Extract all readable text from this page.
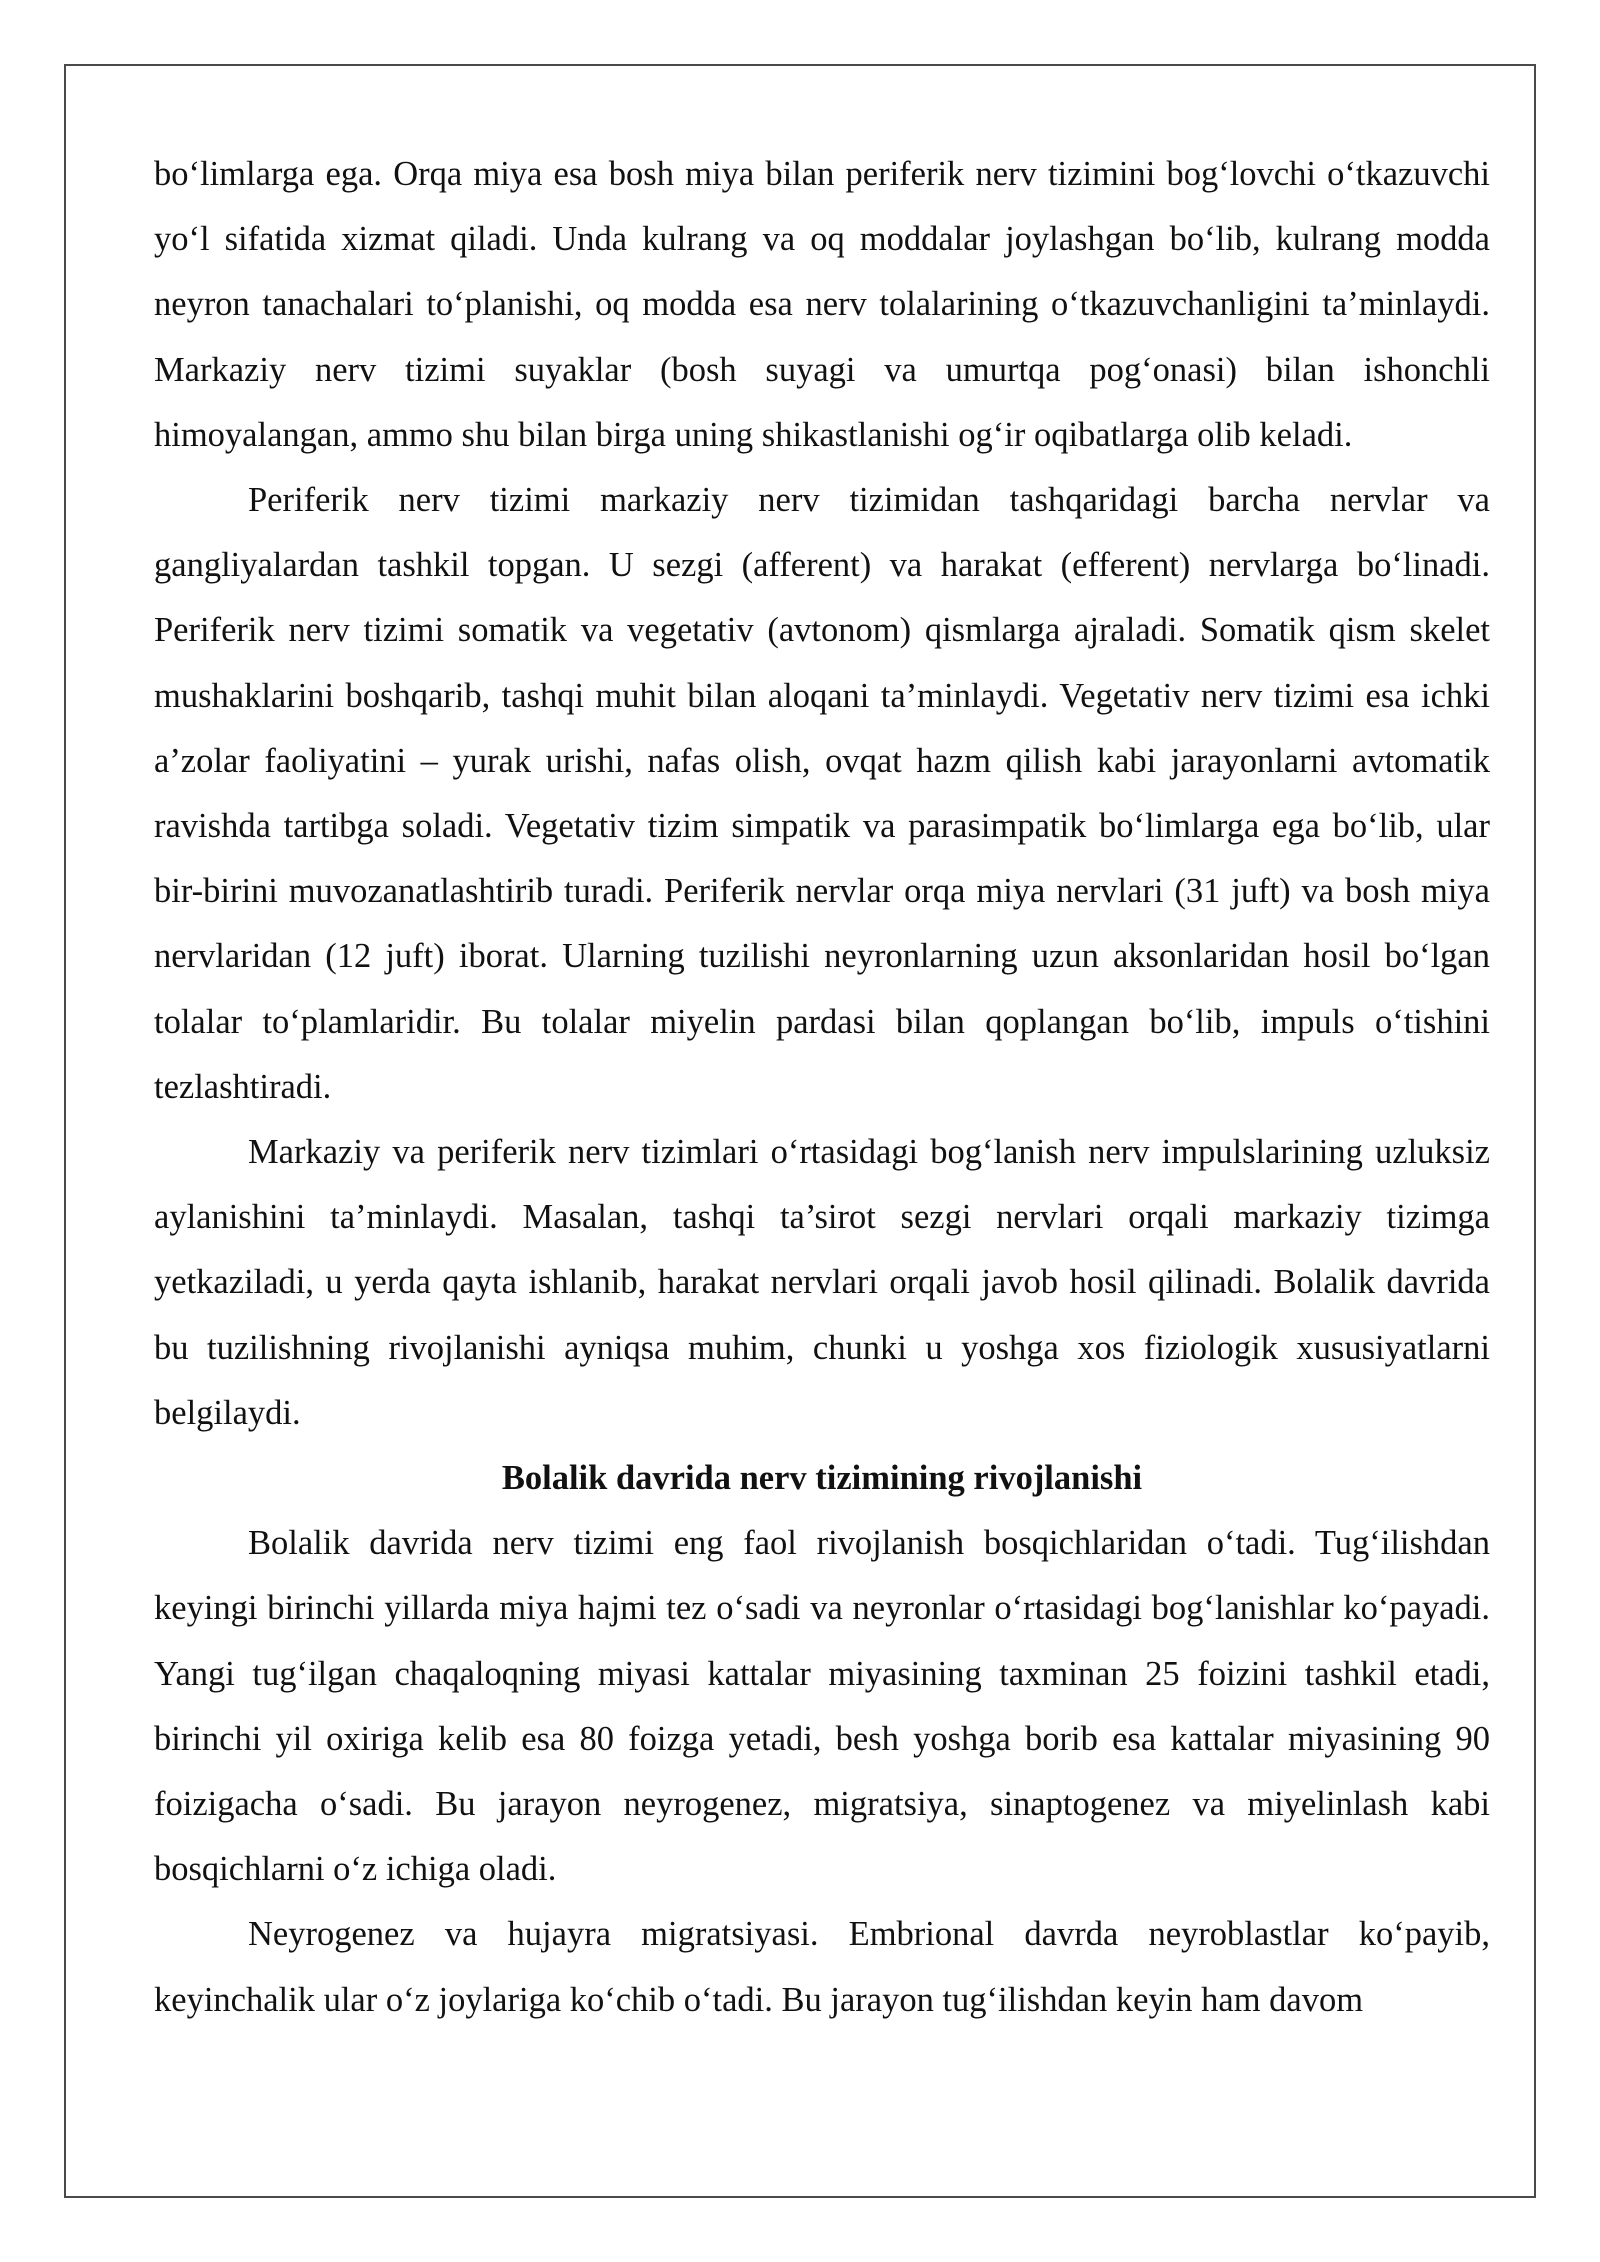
bo‘limlarga ega. Orqa miya esa bosh miya bilan periferik nerv tizimini bog‘lovchi o‘tkazuvchi yo‘l sifatida xizmat qiladi. Unda kulrang va oq moddalar joylashgan bo‘lib, kulrang modda neyron tanachalari to‘planishi, oq modda esa nerv tolalarining o‘tkazuvchanligini ta’minlaydi. Markaziy nerv tizimi suyaklar (bosh suyagi va umurtqa pog‘onasi) bilan ishonchli himoyalangan, ammo shu bilan birga uning shikastlanishi og‘ir oqibatlarga olib keladi.

Periferik nerv tizimi markaziy nerv tizimidan tashqaridagi barcha nervlar va gangliyalardan tashkil topgan. U sezgi (afferent) va harakat (efferent) nervlarga bo‘linadi. Periferik nerv tizimi somatik va vegetativ (avtonom) qismlarga ajraladi. Somatik qism skelet mushaklarini boshqarib, tashqi muhit bilan aloqani ta’minlaydi. Vegetativ nerv tizimi esa ichki a’zolar faoliyatini – yurak urishi, nafas olish, ovqat hazm qilish kabi jarayonlarni avtomatik ravishda tartibga soladi. Vegetativ tizim simpatik va parasimpatik bo‘limlarga ega bo‘lib, ular bir-birini muvozanatlashtirib turadi. Periferik nervlar orqa miya nervlari (31 juft) va bosh miya nervlaridan (12 juft) iborat. Ularning tuzilishi neyronlarning uzun aksonlaridan hosil bo‘lgan tolalar to‘plamlaridir. Bu tolalar miyelin pardasi bilan qoplangan bo‘lib, impuls o‘tishini tezlashtiradi.

Markaziy va periferik nerv tizimlari o‘rtasidagi bog‘lanish nerv impulslarining uzluksiz aylanishini ta’minlaydi. Masalan, tashqi ta’sirot sezgi nervlari orqali markaziy tizimga yetkaziladi, u yerda qayta ishlanib, harakat nervlari orqali javob hosil qilinadi. Bolalik davrida bu tuzilishning rivojlanishi ayniqsa muhim, chunki u yoshga xos fiziologik xususiyatlarni belgilaydi.

Bolalik davrida nerv tizimining rivojlanishi

Bolalik davrida nerv tizimi eng faol rivojlanish bosqichlaridan o‘tadi. Tug‘ilishdan keyingi birinchi yillarda miya hajmi tez o‘sadi va neyronlar o‘rtasidagi bog‘lanishlar ko‘payadi. Yangi tug‘ilgan chaqaloqning miyasi kattalar miyasining taxminan 25 foizini tashkil etadi, birinchi yil oxiriga kelib esa 80 foizga yetadi, besh yoshga borib esa kattalar miyasining 90 foizigacha o‘sadi. Bu jarayon neyrogenez, migratsiya, sinaptogenez va miyelinlash kabi bosqichlarni o‘z ichiga oladi.

Neyrogenez va hujayra migratsiyasi. Embrional davrda neyroblastlar ko‘payib, keyinchalik ular o‘z joylariga ko‘chib o‘tadi. Bu jarayon tug‘ilishdan keyin ham davom
